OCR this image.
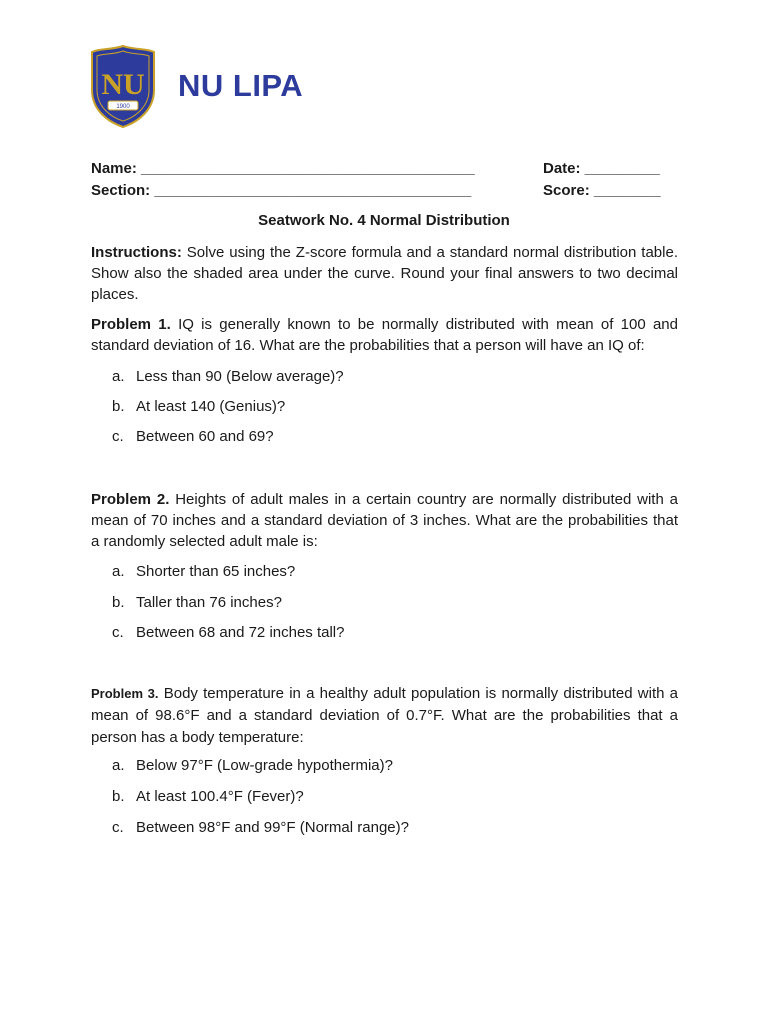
NU
1900
NU LIPA
Name: ________________________________________
Section: ______________________________________
Date: _________
Score: ________
Seatwork No. 4 Normal Distribution

Instructions: Solve using the Z-score formula and a standard normal distribution table. Show also the shaded area under the curve. Round your final answers to two decimal places.

Problem 1. IQ is generally known to be normally distributed with mean of 100 and standard deviation of 16. What are the probabilities that a person will have an IQ of:

a. Less than 90 (Below average)?
b. At least 140 (Genius)?
c. Between 60 and 69?

Problem 2. Heights of adult males in a certain country are normally distributed with a mean of 70 inches and a standard deviation of 3 inches. What are the probabilities that a randomly selected adult male is:

a. Shorter than 65 inches?
b. Taller than 76 inches?
c. Between 68 and 72 inches tall?

Problem 3. Body temperature in a healthy adult population is normally distributed with a mean of 98.6°F and a standard deviation of 0.7°F. What are the probabilities that a person has a body temperature:

a. Below 97°F (Low-grade hypothermia)?
b. At least 100.4°F (Fever)?
c. Between 98°F and 99°F (Normal range)?
